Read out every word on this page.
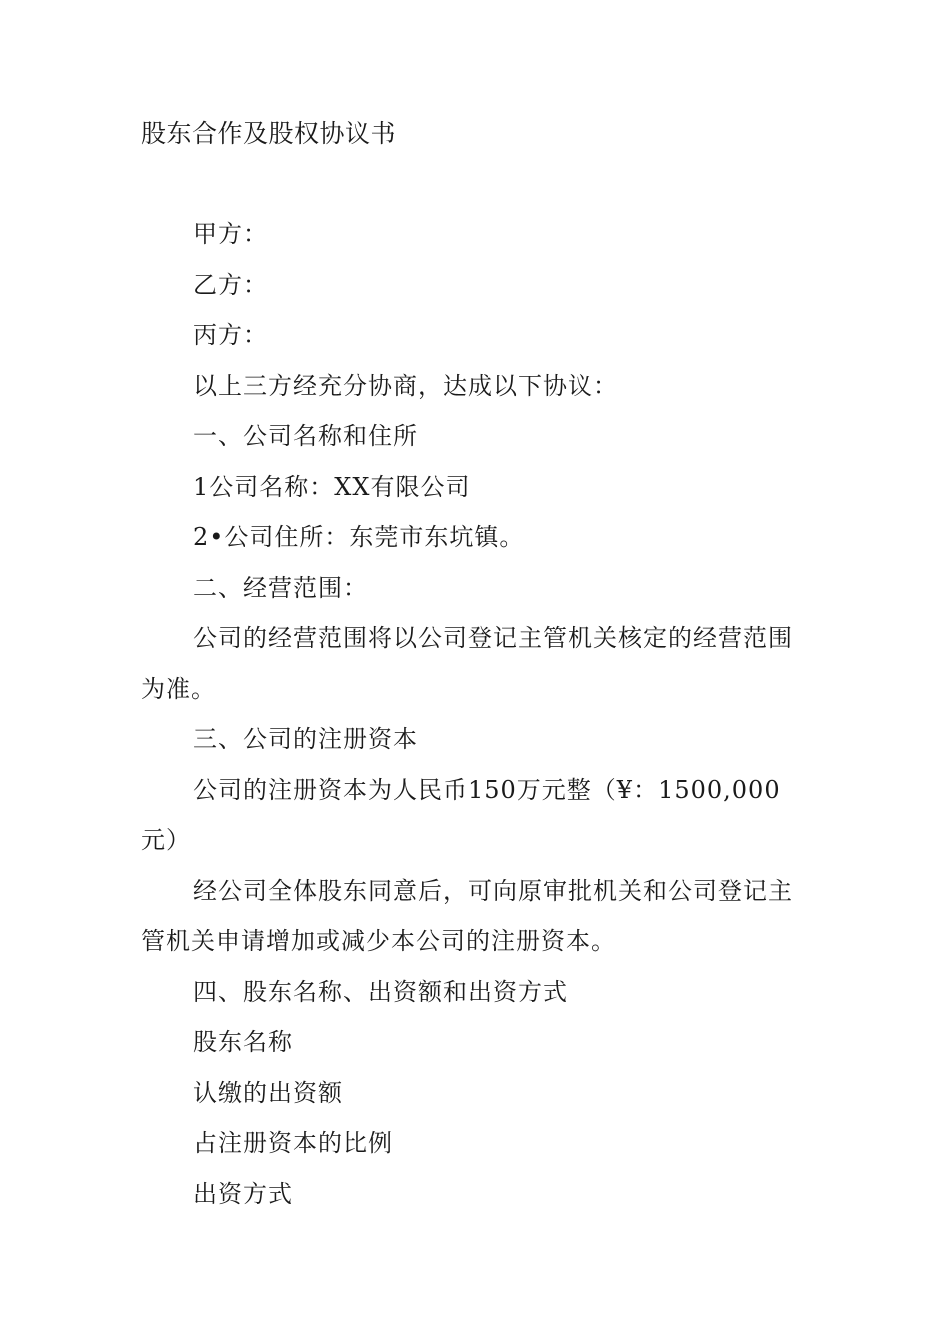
股东合作及股权协议书

甲方：

乙方：

丙方：

以上三方经充分协商，达成以下协议：

一、公司名称和住所

1公司名称：XX有限公司

2•公司住所：东莞市东坑镇。

二、经营范围：

公司的经营范围将以公司登记主管机关核定的经营范围为准。

三、公司的注册资本

公司的注册资本为人民币150万元整（¥：1500,000元）

经公司全体股东同意后，可向原审批机关和公司登记主管机关申请增加或减少本公司的注册资本。

四、股东名称、出资额和出资方式

股东名称

认缴的出资额

占注册资本的比例

出资方式
